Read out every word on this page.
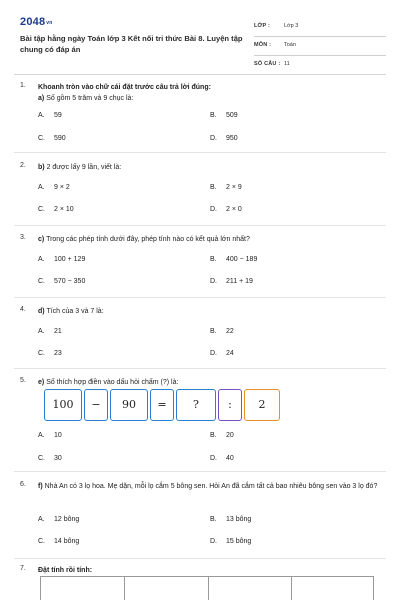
2048vn
Bài tập hằng ngày Toán lớp 3 Kết nối tri thức Bài 8. Luyện tập chung có đáp án
LỚP :	Lớp 3
MÔN : Toán
SỐ CÂU : 11
1. Khoanh tròn vào chữ cái đặt trước câu trả lời đúng:
a) Số gồm 5 trăm và 9 chục là:
A. 59	B. 509
C. 590	D. 950
2. b) 2 được lấy 9 lần, viết là:
A. 9 × 2	B. 2 × 9
C. 2 × 10	D. 2 × 0
3. c) Trong các phép tính dưới đây, phép tính nào có kết quả lớn nhất?
A. 100 + 129	B. 400 − 189
C. 570 − 350	D. 211 + 19
4. d) Tích của 3 và 7 là:
A. 21	B. 22
C. 23	D. 24
5. e) Số thích hợp điền vào dấu hỏi chấm (?) là:
A. 10	B. 20
C. 30	D. 40
100	−	90	=	?	:	2
6. f) Nhà An có 3 lọ hoa. Mẹ dặn, mỗi lọ cắm 5 bông sen. Hỏi An đã cắm tất cả bao nhiêu bông sen vào 3 lọ đó?
A. 12 bông	B. 13 bông
C. 14 bông	D. 15 bông
7. Đặt tính rồi tính:
